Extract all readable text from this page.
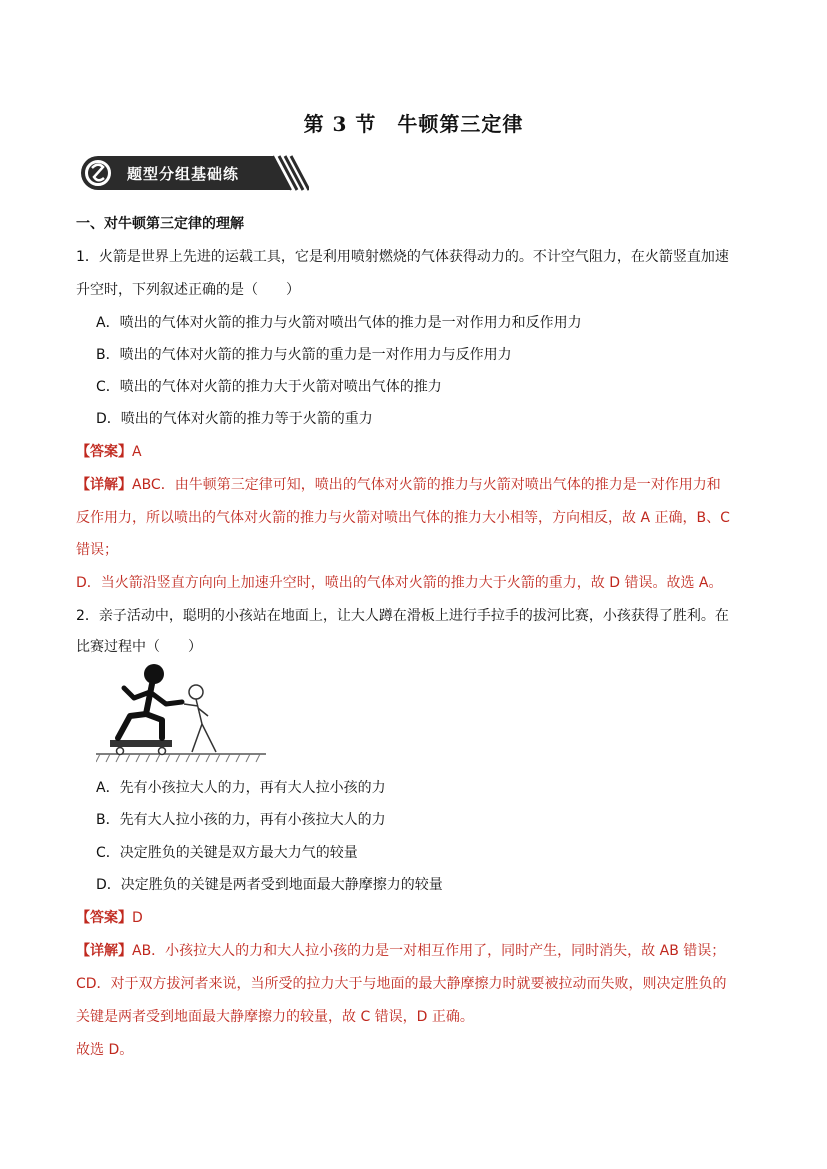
第 3 节　牛顿第三定律
题型分组基础练
一、对牛顿第三定律的理解
1．火箭是世界上先进的运载工具，它是利用喷射燃烧的气体获得动力的。不计空气阻力，在火箭竖直加速
升空时，下列叙述正确的是（　　）
A．喷出的气体对火箭的推力与火箭对喷出气体的推力是一对作用力和反作用力
B．喷出的气体对火箭的推力与火箭的重力是一对作用力与反作用力
C．喷出的气体对火箭的推力大于火箭对喷出气体的推力
D．喷出的气体对火箭的推力等于火箭的重力
【答案】A
【详解】ABC．由牛顿第三定律可知，喷出的气体对火箭的推力与火箭对喷出气体的推力是一对作用力和
反作用力，所以喷出的气体对火箭的推力与火箭对喷出气体的推力大小相等，方向相反，故 A 正确，B、C
错误；
D．当火箭沿竖直方向向上加速升空时，喷出的气体对火箭的推力大于火箭的重力，故 D 错误。故选 A。
2．亲子活动中，聪明的小孩站在地面上，让大人蹲在滑板上进行手拉手的拔河比赛，小孩获得了胜利。在
比赛过程中（　　）
A．先有小孩拉大人的力，再有大人拉小孩的力
B．先有大人拉小孩的力，再有小孩拉大人的力
C．决定胜负的关键是双方最大力气的较量
D．决定胜负的关键是两者受到地面最大静摩擦力的较量
【答案】D
【详解】AB．小孩拉大人的力和大人拉小孩的力是一对相互作用了，同时产生，同时消失，故 AB 错误；
CD．对于双方拔河者来说，当所受的拉力大于与地面的最大静摩擦力时就要被拉动而失败，则决定胜负的
关键是两者受到地面最大静摩擦力的较量，故 C 错误，D 正确。
故选 D。
